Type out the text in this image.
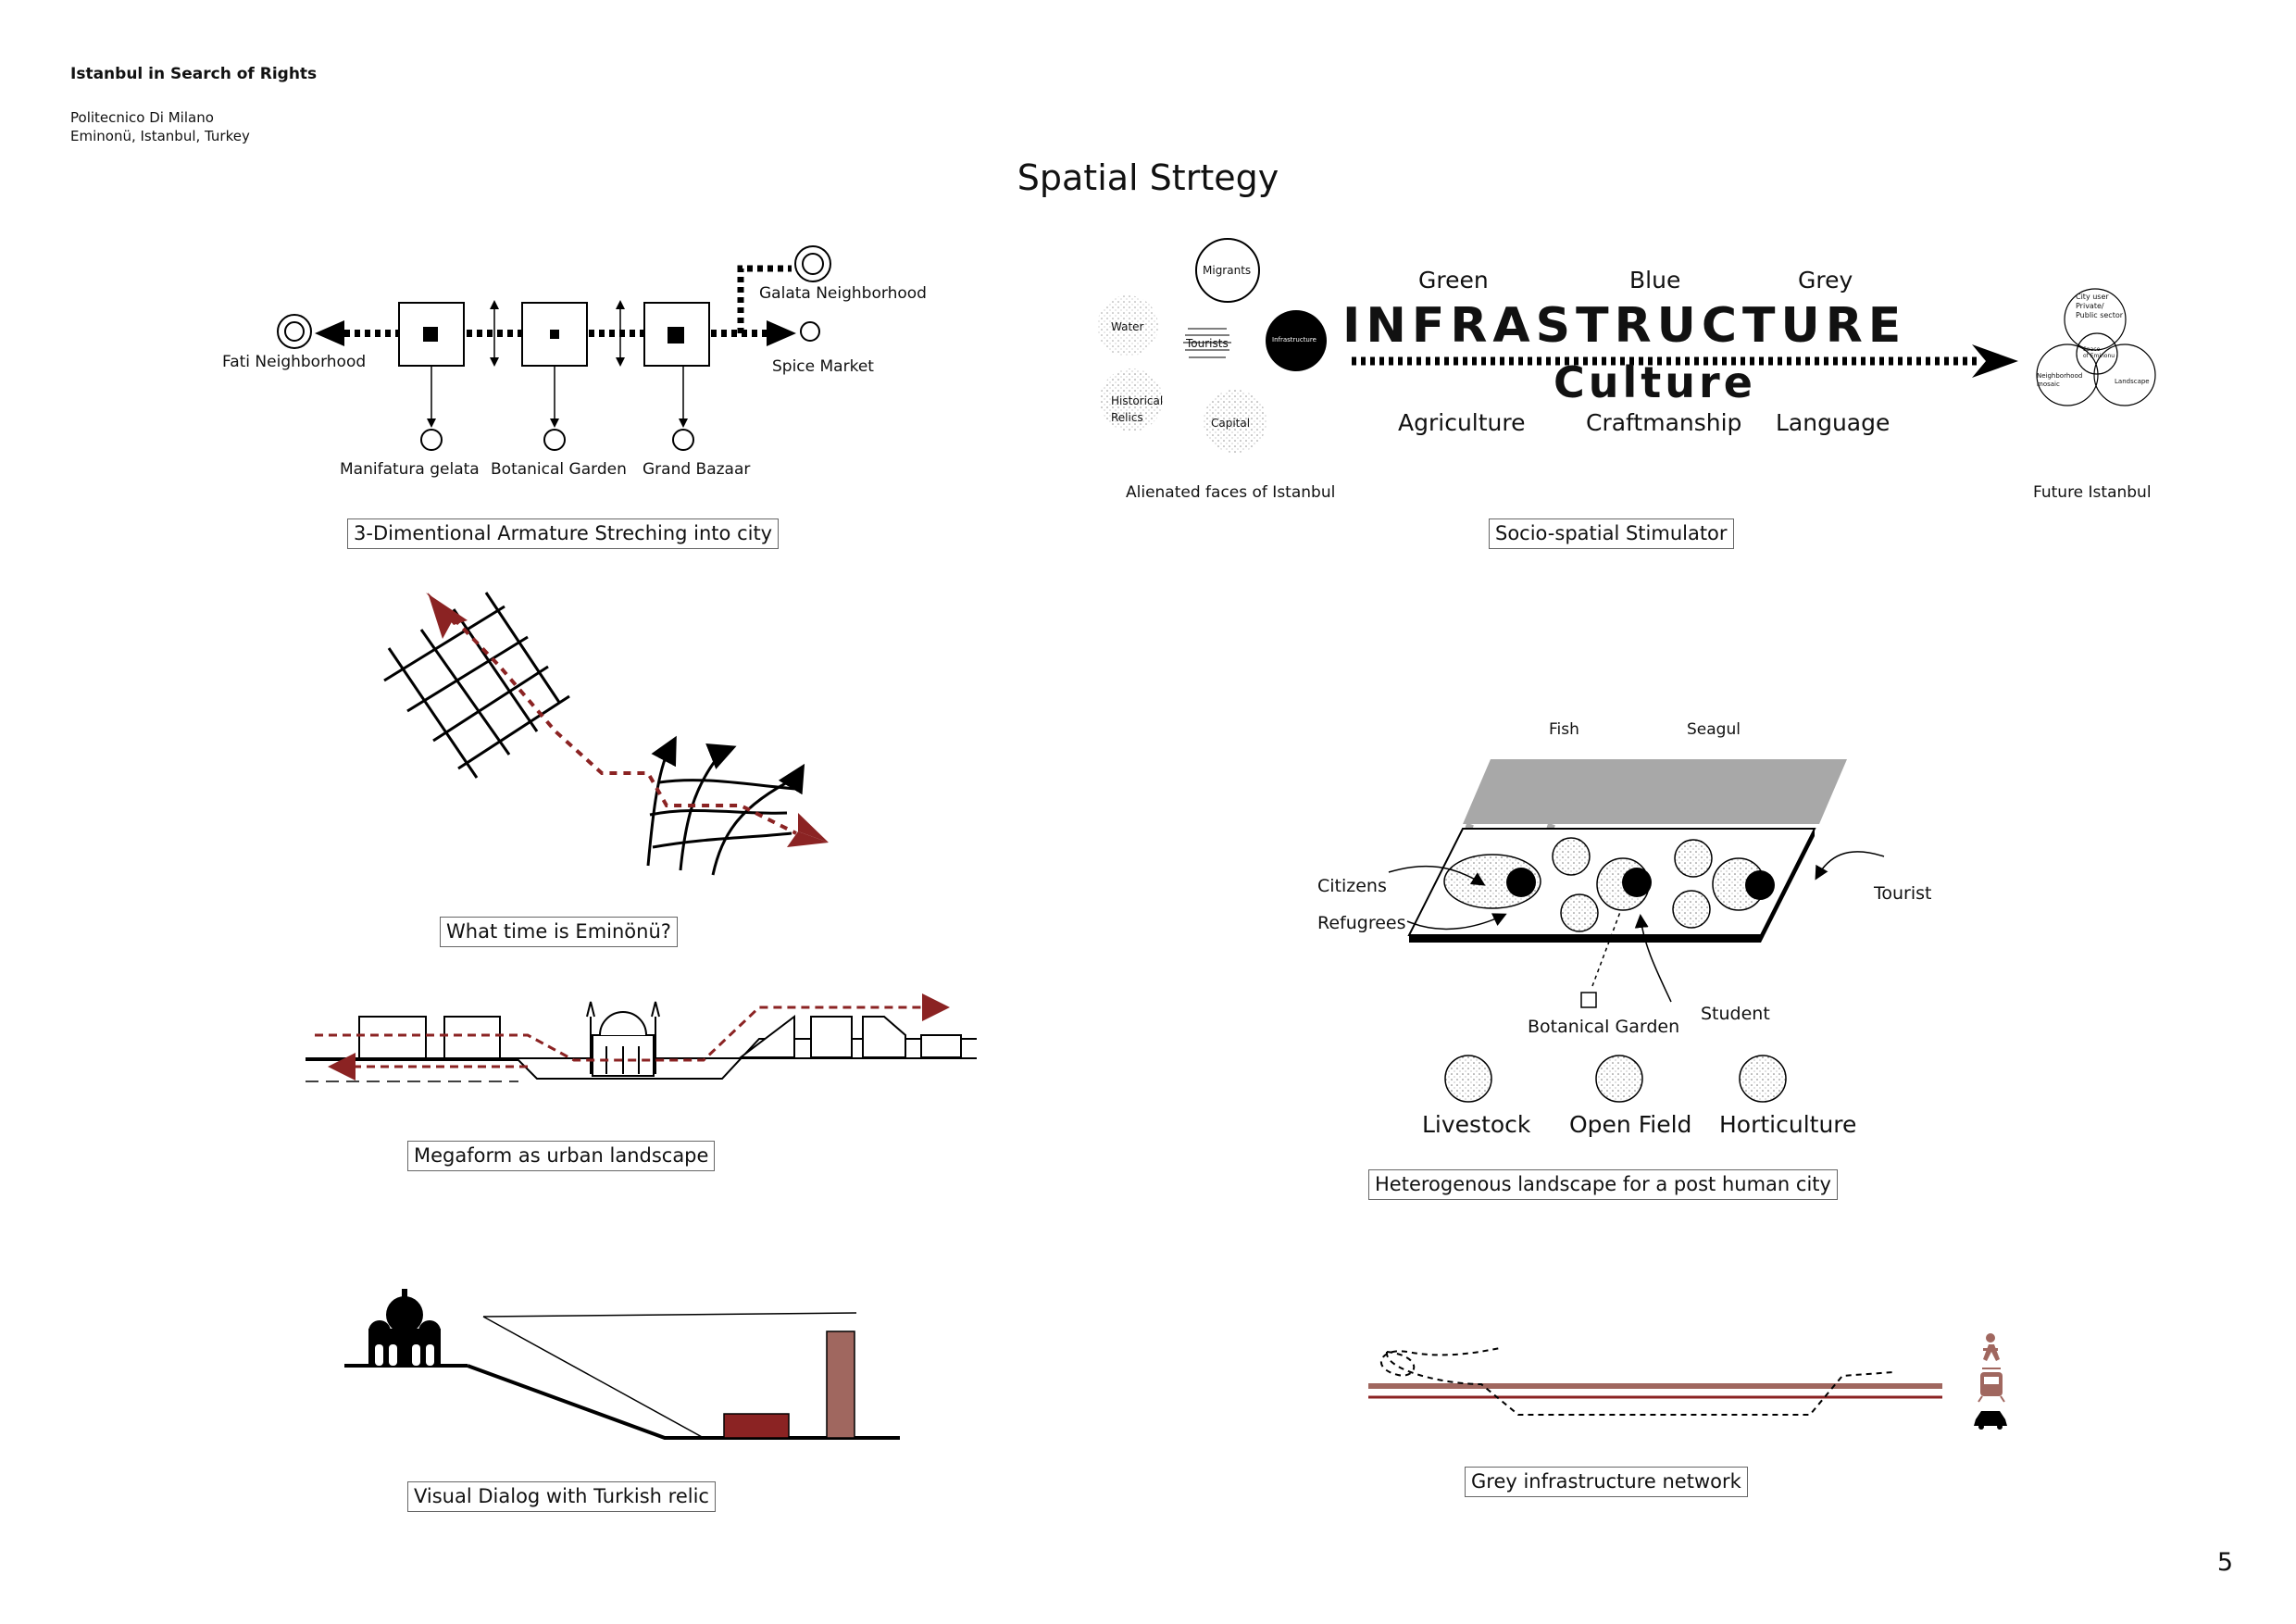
Istanbul in Search of Rights
Politecnico Di Milano
Eminonü, Istanbul, Turkey
Spatial Strtegy
5
Fati Neighborhood
Galata Neighborhood
Spice Market
Manifatura gelata Botanical Garden Grand Bazaar
3-Dimentional Armature Streching into city
Migrants
Water
Tourists
Historical
Relics	Capital
Infrastructure
Green	Blue	Grey
INFRASTRUCTURE
Culture
Agriculture	Craftmanship Language
City user
Private/
Public sector
Space
of Eminonu
Neighborhood
mosaic	Landscape
Alienated faces of Istanbul	Future Istanbul
Socio-spatial Stimulator
What time is Eminönü?
Megaform as urban landscape
Visual Dialog with Turkish relic
Fish	Seagul
Citizens
Refugrees
Tourist
Botanical Garden
Student
Livestock Open Field Horticulture
Heterogenous landscape for a post human city
Grey infrastructure network
